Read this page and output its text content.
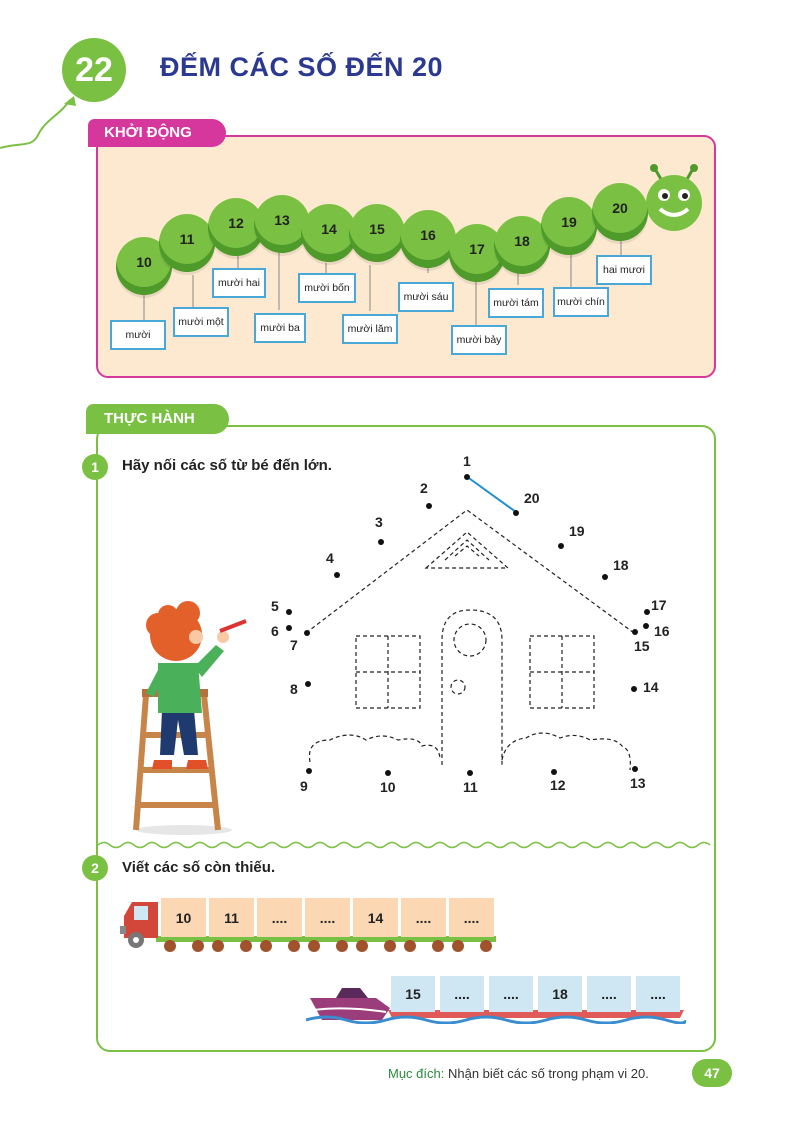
22	ĐẾM CÁC SỐ ĐẾN 20
KHỞI ĐỘNG
10
11
12 13
14 15	16
17 18
19
20
mười
mười một
mười hai
mười ba
mười bốn
mười lăm
mười sáu
mười bảy
mười tám	mười chín
hai mươi
THỰC HÀNH
1	Hãy nối các số từ bé đến lớn.	1
2
3
4
5
6
7
8
9	10	11	12	13
14
15
16
17
18
19
20
2	Viết các số còn thiếu.
10	11	....	....	14	....	....
15	....	....	18	....	....
Mục đích: Nhận biết các số trong phạm vi 20.	47
